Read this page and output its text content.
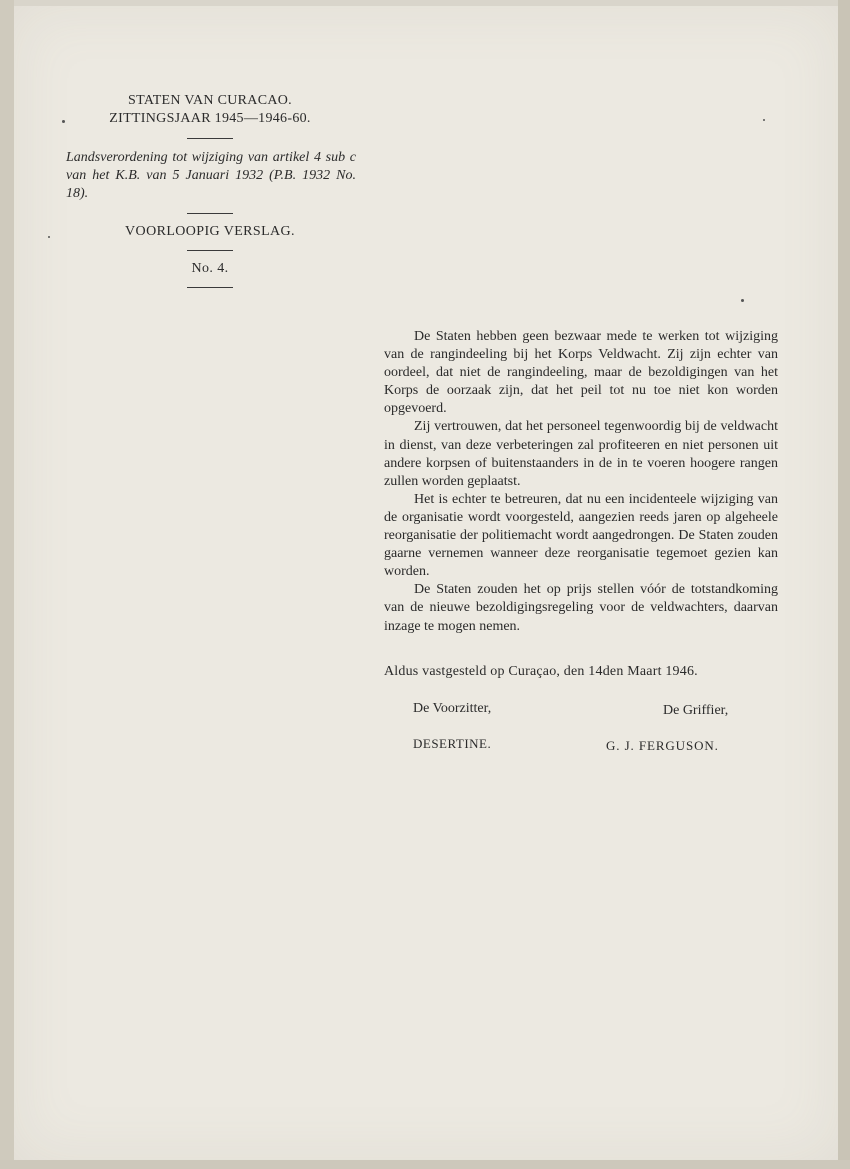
STATEN VAN CURACAO.
ZITTINGSJAAR 1945—1946-60.
Landsverordening tot wijziging van artikel 4 sub c van het K.B. van 5 Januari 1932 (P.B. 1932 No. 18).
VOORLOOPIG VERSLAG.
No. 4.

De Staten hebben geen bezwaar mede te werken tot wijziging van de rangindeeling bij het Korps Veldwacht. Zij zijn echter van oordeel, dat niet de rangindeeling, maar de bezoldigingen van het Korps de oorzaak zijn, dat het peil tot nu toe niet kon worden opgevoerd.

Zij vertrouwen, dat het personeel tegenwoordig bij de veldwacht in dienst, van deze verbeteringen zal profiteeren en niet personen uit andere korpsen of buitenstaanders in de in te voeren hoogere rangen zullen worden geplaatst.

Het is echter te betreuren, dat nu een incidenteele wijziging van de organisatie wordt voorgesteld, aangezien reeds jaren op algeheele reorganisatie der politiemacht wordt aangedrongen. De Staten zouden gaarne vernemen wanneer deze reorganisatie tegemoet gezien kan worden.

De Staten zouden het op prijs stellen vóór de totstandkoming van de nieuwe bezoldigingsregeling voor de veldwachters, daarvan inzage te mogen nemen.

Aldus vastgesteld op Curaçao, den 14den Maart 1946.
De Voorzitter,	De Griffier,
DESERTINE.	G. J. FERGUSON.
